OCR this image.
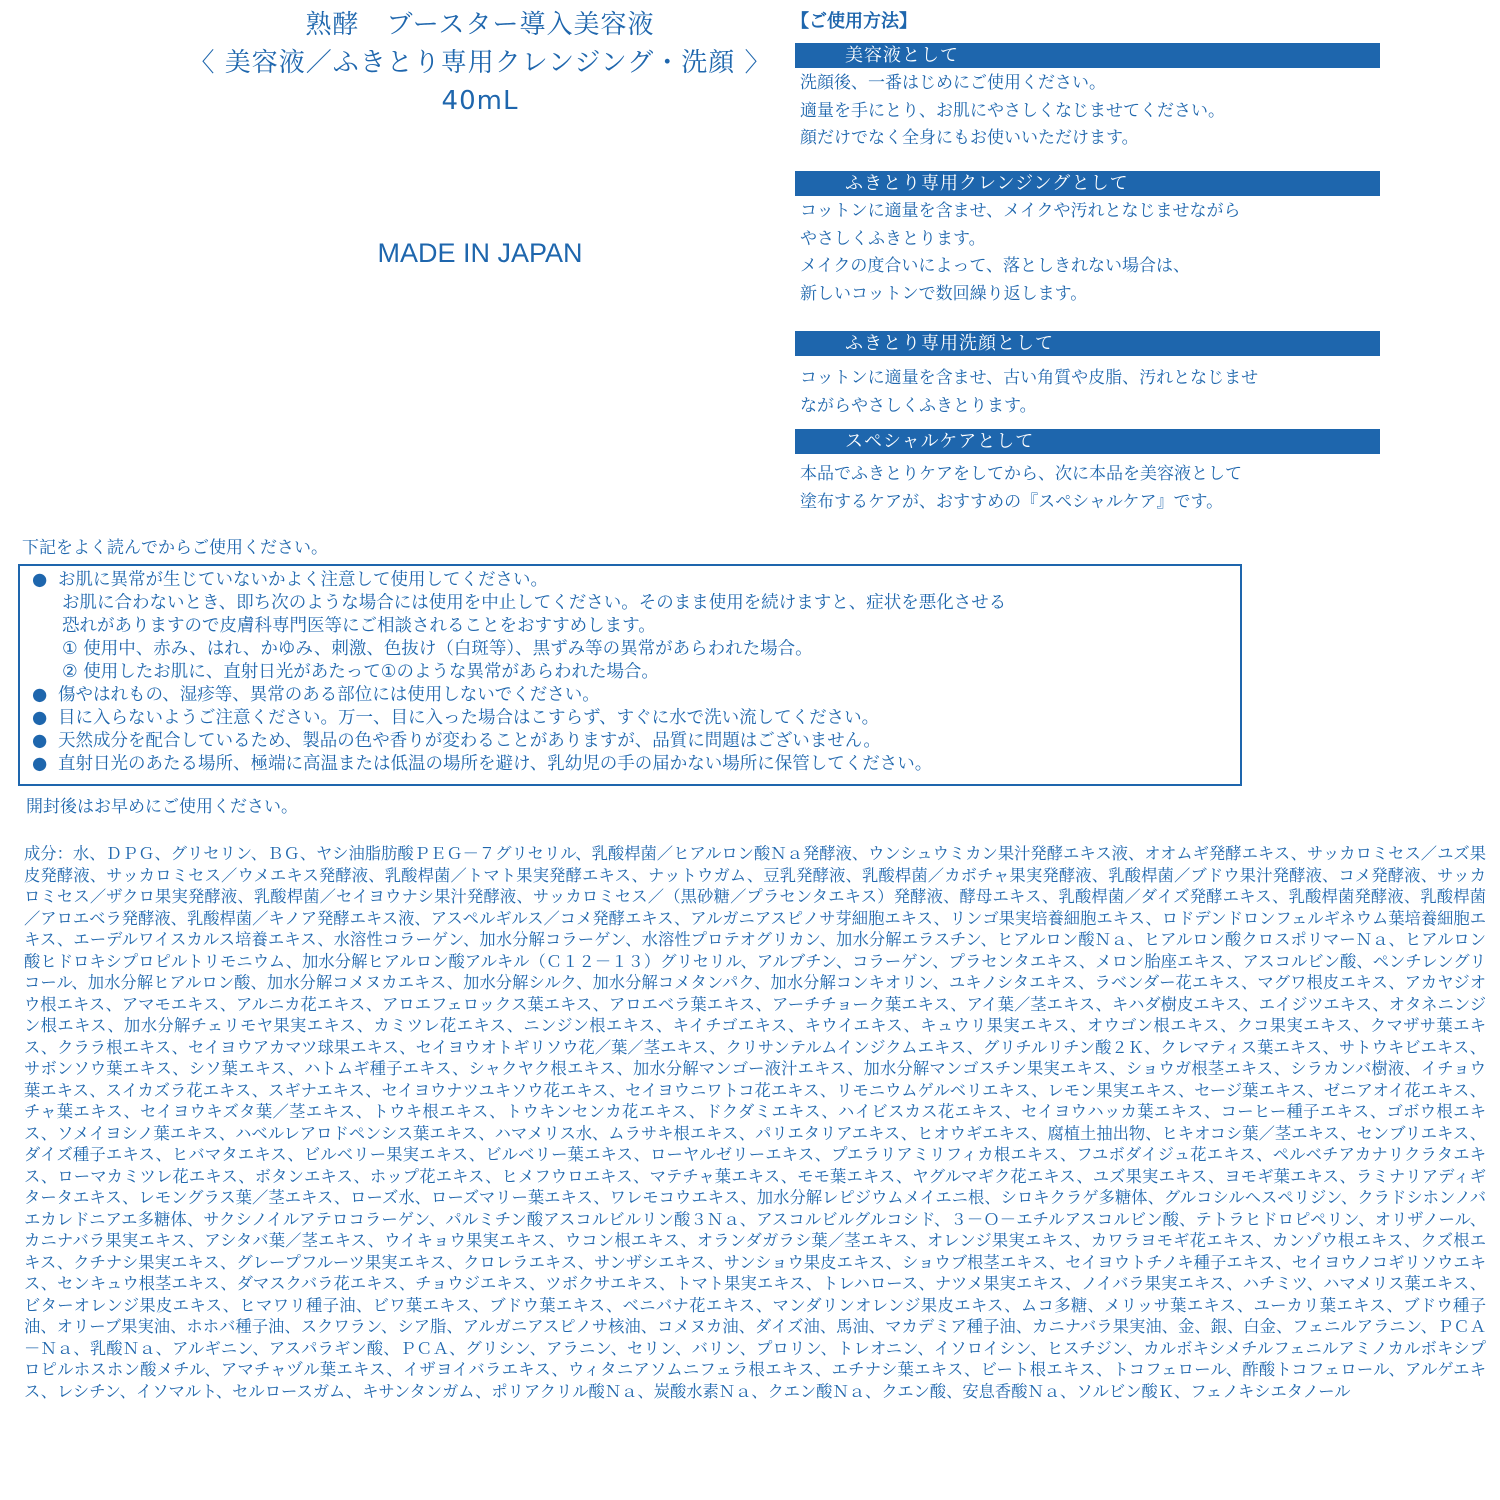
熟酵　ブースター導入美容液
〈 美容液／ふきとり専用クレンジング・洗顔 〉
40mL
MADE IN JAPAN
【ご使用方法】
美容液として
洗顔後、一番はじめにご使用ください。
適量を手にとり、お肌にやさしくなじませてください。
顔だけでなく全身にもお使いいただけます。
ふきとり専用クレンジングとして
コットンに適量を含ませ、メイクや汚れとなじませながら
やさしくふきとります。
メイクの度合いによって、落としきれない場合は、
新しいコットンで数回繰り返します。
ふきとり専用洗顔として
コットンに適量を含ませ、古い角質や皮脂、汚れとなじませ
ながらやさしくふきとります。
スペシャルケアとして
本品でふきとりケアをしてから、次に本品を美容液として
塗布するケアが、おすすめの『スペシャルケア』です。
下記をよく読んでからご使用ください。
● お肌に異常が生じていないかよく注意して使用してください。
お肌に合わないとき、即ち次のような場合には使用を中止してください。そのまま使用を続けますと、症状を悪化させる
恐れがありますので皮膚科専門医等にご相談されることをおすすめします。
① 使用中、赤み、はれ、かゆみ、刺激、色抜け（白斑等）、黒ずみ等の異常があらわれた場合。
② 使用したお肌に、直射日光があたって①のような異常があらわれた場合。
● 傷やはれもの、湿疹等、異常のある部位には使用しないでください。
● 目に入らないようご注意ください。万一、目に入った場合はこすらず、すぐに水で洗い流してください。
● 天然成分を配合しているため、製品の色や香りが変わることがありますが、品質に問題はございません。
● 直射日光のあたる場所、極端に高温または低温の場所を避け、乳幼児の手の届かない場所に保管してください。
開封後はお早めにご使用ください。
成分：水、ＤＰＧ、グリセリン、ＢＧ、ヤシ油脂肪酸ＰＥＧ－７グリセリル、乳酸桿菌／ヒアルロン酸Ｎａ発酵液、ウンシュウミカン果汁発酵エキス液、オオムギ発酵エキス、サッカロミセス／ユズ果皮発酵液、サッカロミセス／ウメエキス発酵液、乳酸桿菌／トマト果実発酵エキス、ナットウガム、豆乳発酵液、乳酸桿菌／カボチャ果実発酵液、乳酸桿菌／ブドウ果汁発酵液、コメ発酵液、サッカロミセス／ザクロ果実発酵液、乳酸桿菌／セイヨウナシ果汁発酵液、サッカロミセス／（黒砂糖／プラセンタエキス）発酵液、酵母エキス、乳酸桿菌／ダイズ発酵エキス、乳酸桿菌発酵液、乳酸桿菌／アロエベラ発酵液、乳酸桿菌／キノア発酵エキス液、アスペルギルス／コメ発酵エキス、アルガニアスピノサ芽細胞エキス、リンゴ果実培養細胞エキス、ロドデンドロンフェルギネウム葉培養細胞エキス、エーデルワイスカルス培養エキス、水溶性コラーゲン、加水分解コラーゲン、水溶性プロテオグリカン、加水分解エラスチン、ヒアルロン酸Ｎａ、ヒアルロン酸クロスポリマーＮａ、ヒアルロン酸ヒドロキシプロピルトリモニウム、加水分解ヒアルロン酸アルキル（Ｃ１２－１３）グリセリル、アルブチン、コラーゲン、プラセンタエキス、メロン胎座エキス、アスコルビン酸、ペンチレングリコール、加水分解ヒアルロン酸、加水分解コメヌカエキス、加水分解シルク、加水分解コメタンパク、加水分解コンキオリン、ユキノシタエキス、ラベンダー花エキス、マグワ根皮エキス、アカヤジオウ根エキス、アマモエキス、アルニカ花エキス、アロエフェロックス葉エキス、アロエベラ葉エキス、アーチチョーク葉エキス、アイ葉／茎エキス、キハダ樹皮エキス、エイジツエキス、オタネニンジン根エキス、加水分解チェリモヤ果実エキス、カミツレ花エキス、ニンジン根エキス、キイチゴエキス、キウイエキス、キュウリ果実エキス、オウゴン根エキス、クコ果実エキス、クマザサ葉エキス、クララ根エキス、セイヨウアカマツ球果エキス、セイヨウオトギリソウ花／葉／茎エキス、クリサンテルムインジクムエキス、グリチルリチン酸２Ｋ、クレマティス葉エキス、サトウキビエキス、サボンソウ葉エキス、シソ葉エキス、ハトムギ種子エキス、シャクヤク根エキス、加水分解マンゴー液汁エキス、加水分解マンゴスチン果実エキス、ショウガ根茎エキス、シラカンバ樹液、イチョウ葉エキス、スイカズラ花エキス、スギナエキス、セイヨウナツユキソウ花エキス、セイヨウニワトコ花エキス、リモニウムゲルベリエキス、レモン果実エキス、セージ葉エキス、ゼニアオイ花エキス、チャ葉エキス、セイヨウキズタ葉／茎エキス、トウキ根エキス、トウキンセンカ花エキス、ドクダミエキス、ハイビスカス花エキス、セイヨウハッカ葉エキス、コーヒー種子エキス、ゴボウ根エキス、ソメイヨシノ葉エキス、ハベルレアロドペンシス葉エキス、ハマメリス水、ムラサキ根エキス、パリエタリアエキス、ヒオウギエキス、腐植土抽出物、ヒキオコシ葉／茎エキス、センブリエキス、ダイズ種子エキス、ヒバマタエキス、ビルベリー果実エキス、ビルベリー葉エキス、ローヤルゼリーエキス、プエラリアミリフィカ根エキス、フユボダイジュ花エキス、ペルベチアカナリクラタエキス、ローマカミツレ花エキス、ボタンエキス、ホップ花エキス、ヒメフウロエキス、マテチャ葉エキス、モモ葉エキス、ヤグルマギク花エキス、ユズ果実エキス、ヨモギ葉エキス、ラミナリアディギタータエキス、レモングラス葉／茎エキス、ローズ水、ローズマリー葉エキス、ワレモコウエキス、加水分解レピジウムメイエニ根、シロキクラゲ多糖体、グルコシルヘスペリジン、クラドシホンノバエカレドニアエ多糖体、サクシノイルアテロコラーゲン、パルミチン酸アスコルビルリン酸３Ｎａ、アスコルビルグルコシド、３－Ｏ－エチルアスコルビン酸、テトラヒドロピペリン、オリザノール、カニナバラ果実エキス、アシタバ葉／茎エキス、ウイキョウ果実エキス、ウコン根エキス、オランダガラシ葉／茎エキス、オレンジ果実エキス、カワラヨモギ花エキス、カンゾウ根エキス、クズ根エキス、クチナシ果実エキス、グレープフルーツ果実エキス、クロレラエキス、サンザシエキス、サンショウ果皮エキス、ショウブ根茎エキス、セイヨウトチノキ種子エキス、セイヨウノコギリソウエキス、センキュウ根茎エキス、ダマスクバラ花エキス、チョウジエキス、ツボクサエキス、トマト果実エキス、トレハロース、ナツメ果実エキス、ノイバラ果実エキス、ハチミツ、ハマメリス葉エキス、ビターオレンジ果皮エキス、ヒマワリ種子油、ビワ葉エキス、ブドウ葉エキス、ベニバナ花エキス、マンダリンオレンジ果皮エキス、ムコ多糖、メリッサ葉エキス、ユーカリ葉エキス、ブドウ種子油、オリーブ果実油、ホホバ種子油、スクワラン、シア脂、アルガニアスピノサ核油、コメヌカ油、ダイズ油、馬油、マカデミア種子油、カニナバラ果実油、金、銀、白金、フェニルアラニン、ＰＣＡ－Ｎａ、乳酸Ｎａ、アルギニン、アスパラギン酸、ＰＣＡ、グリシン、アラニン、セリン、バリン、プロリン、トレオニン、イソロイシン、ヒスチジン、カルボキシメチルフェニルアミノカルボキシプロピルホスホン酸メチル、アマチャヅル葉エキス、イザヨイバラエキス、ウィタニアソムニフェラ根エキス、エチナシ葉エキス、ビート根エキス、トコフェロール、酢酸トコフェロール、アルゲエキス、レシチン、イソマルト、セルロースガム、キサンタンガム、ポリアクリル酸Ｎａ、炭酸水素Ｎａ、クエン酸Ｎａ、クエン酸、安息香酸Ｎａ、ソルビン酸Ｋ、フェノキシエタノール
